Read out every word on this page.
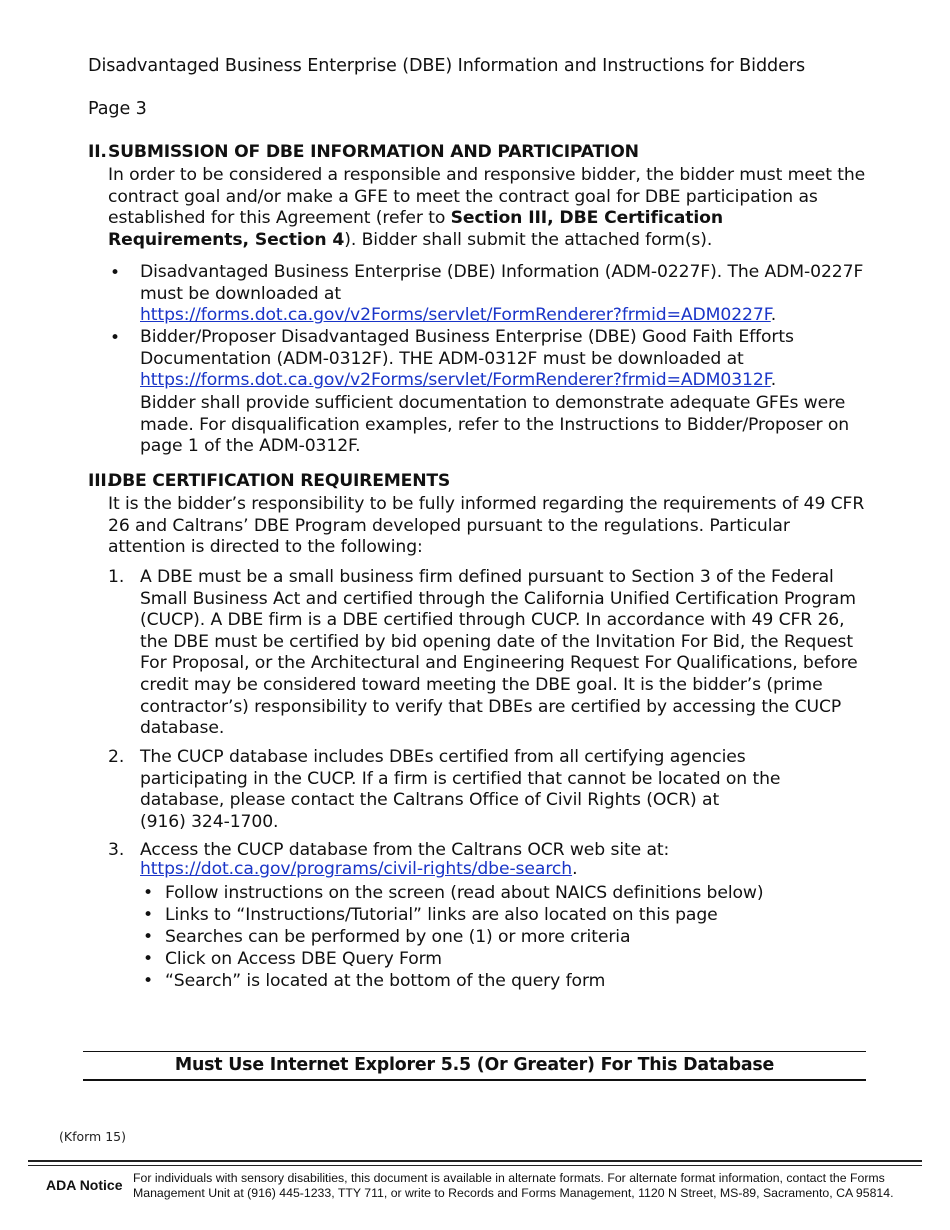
Disadvantaged Business Enterprise (DBE) Information and Instructions for Bidders
Page 3
II. SUBMISSION OF DBE INFORMATION AND PARTICIPATION
In order to be considered a responsible and responsive bidder, the bidder must meet the contract goal and/or make a GFE to meet the contract goal for DBE participation as established for this Agreement (refer to Section III, DBE Certification Requirements, Section 4). Bidder shall submit the attached form(s).
• Disadvantaged Business Enterprise (DBE) Information (ADM-0227F). The ADM-0227F must be downloaded at
https://forms.dot.ca.gov/v2Forms/servlet/FormRenderer?frmid=ADM0227F.
• Bidder/Proposer Disadvantaged Business Enterprise (DBE) Good Faith Efforts Documentation (ADM-0312F). THE ADM-0312F must be downloaded at
https://forms.dot.ca.gov/v2Forms/servlet/FormRenderer?frmid=ADM0312F.
Bidder shall provide sufficient documentation to demonstrate adequate GFEs were made. For disqualification examples, refer to the Instructions to Bidder/Proposer on page 1 of the ADM-0312F.
III.
DBE CERTIFICATION REQUIREMENTS
It is the bidder’s responsibility to be fully informed regarding the requirements of 49 CFR 26 and Caltrans’ DBE Program developed pursuant to the regulations. Particular attention is directed to the following:
1. A DBE must be a small business firm defined pursuant to Section 3 of the Federal Small Business Act and certified through the California Unified Certification Program (CUCP). A DBE firm is a DBE certified through CUCP. In accordance with 49 CFR 26, the DBE must be certified by bid opening date of the Invitation For Bid, the Request For Proposal, or the Architectural and Engineering Request For Qualifications, before credit may be considered toward meeting the DBE goal. It is the bidder’s (prime contractor’s) responsibility to verify that DBEs are certified by accessing the CUCP database.
2. The CUCP database includes DBEs certified from all certifying agencies participating in the CUCP. If a firm is certified that cannot be located on the database, please contact the Caltrans Office of Civil Rights (OCR) at
(916) 324-1700.
3. Access the CUCP database from the Caltrans OCR web site at:
https://dot.ca.gov/programs/civil-rights/dbe-search.
• Follow instructions on the screen (read about NAICS definitions below)
• Links to “Instructions/Tutorial” links are also located on this page
• Searches can be performed by one (1) or more criteria
• Click on Access DBE Query Form
• “Search” is located at the bottom of the query form
Must Use Internet Explorer 5.5 (Or Greater) For This Database
(Kform 15)
ADA Notice For individuals with sensory disabilities, this document is available in alternate formats. For alternate format information, contact the Forms Management Unit at (916) 445-1233, TTY 711, or write to Records and Forms Management, 1120 N Street, MS-89, Sacramento, CA 95814.
